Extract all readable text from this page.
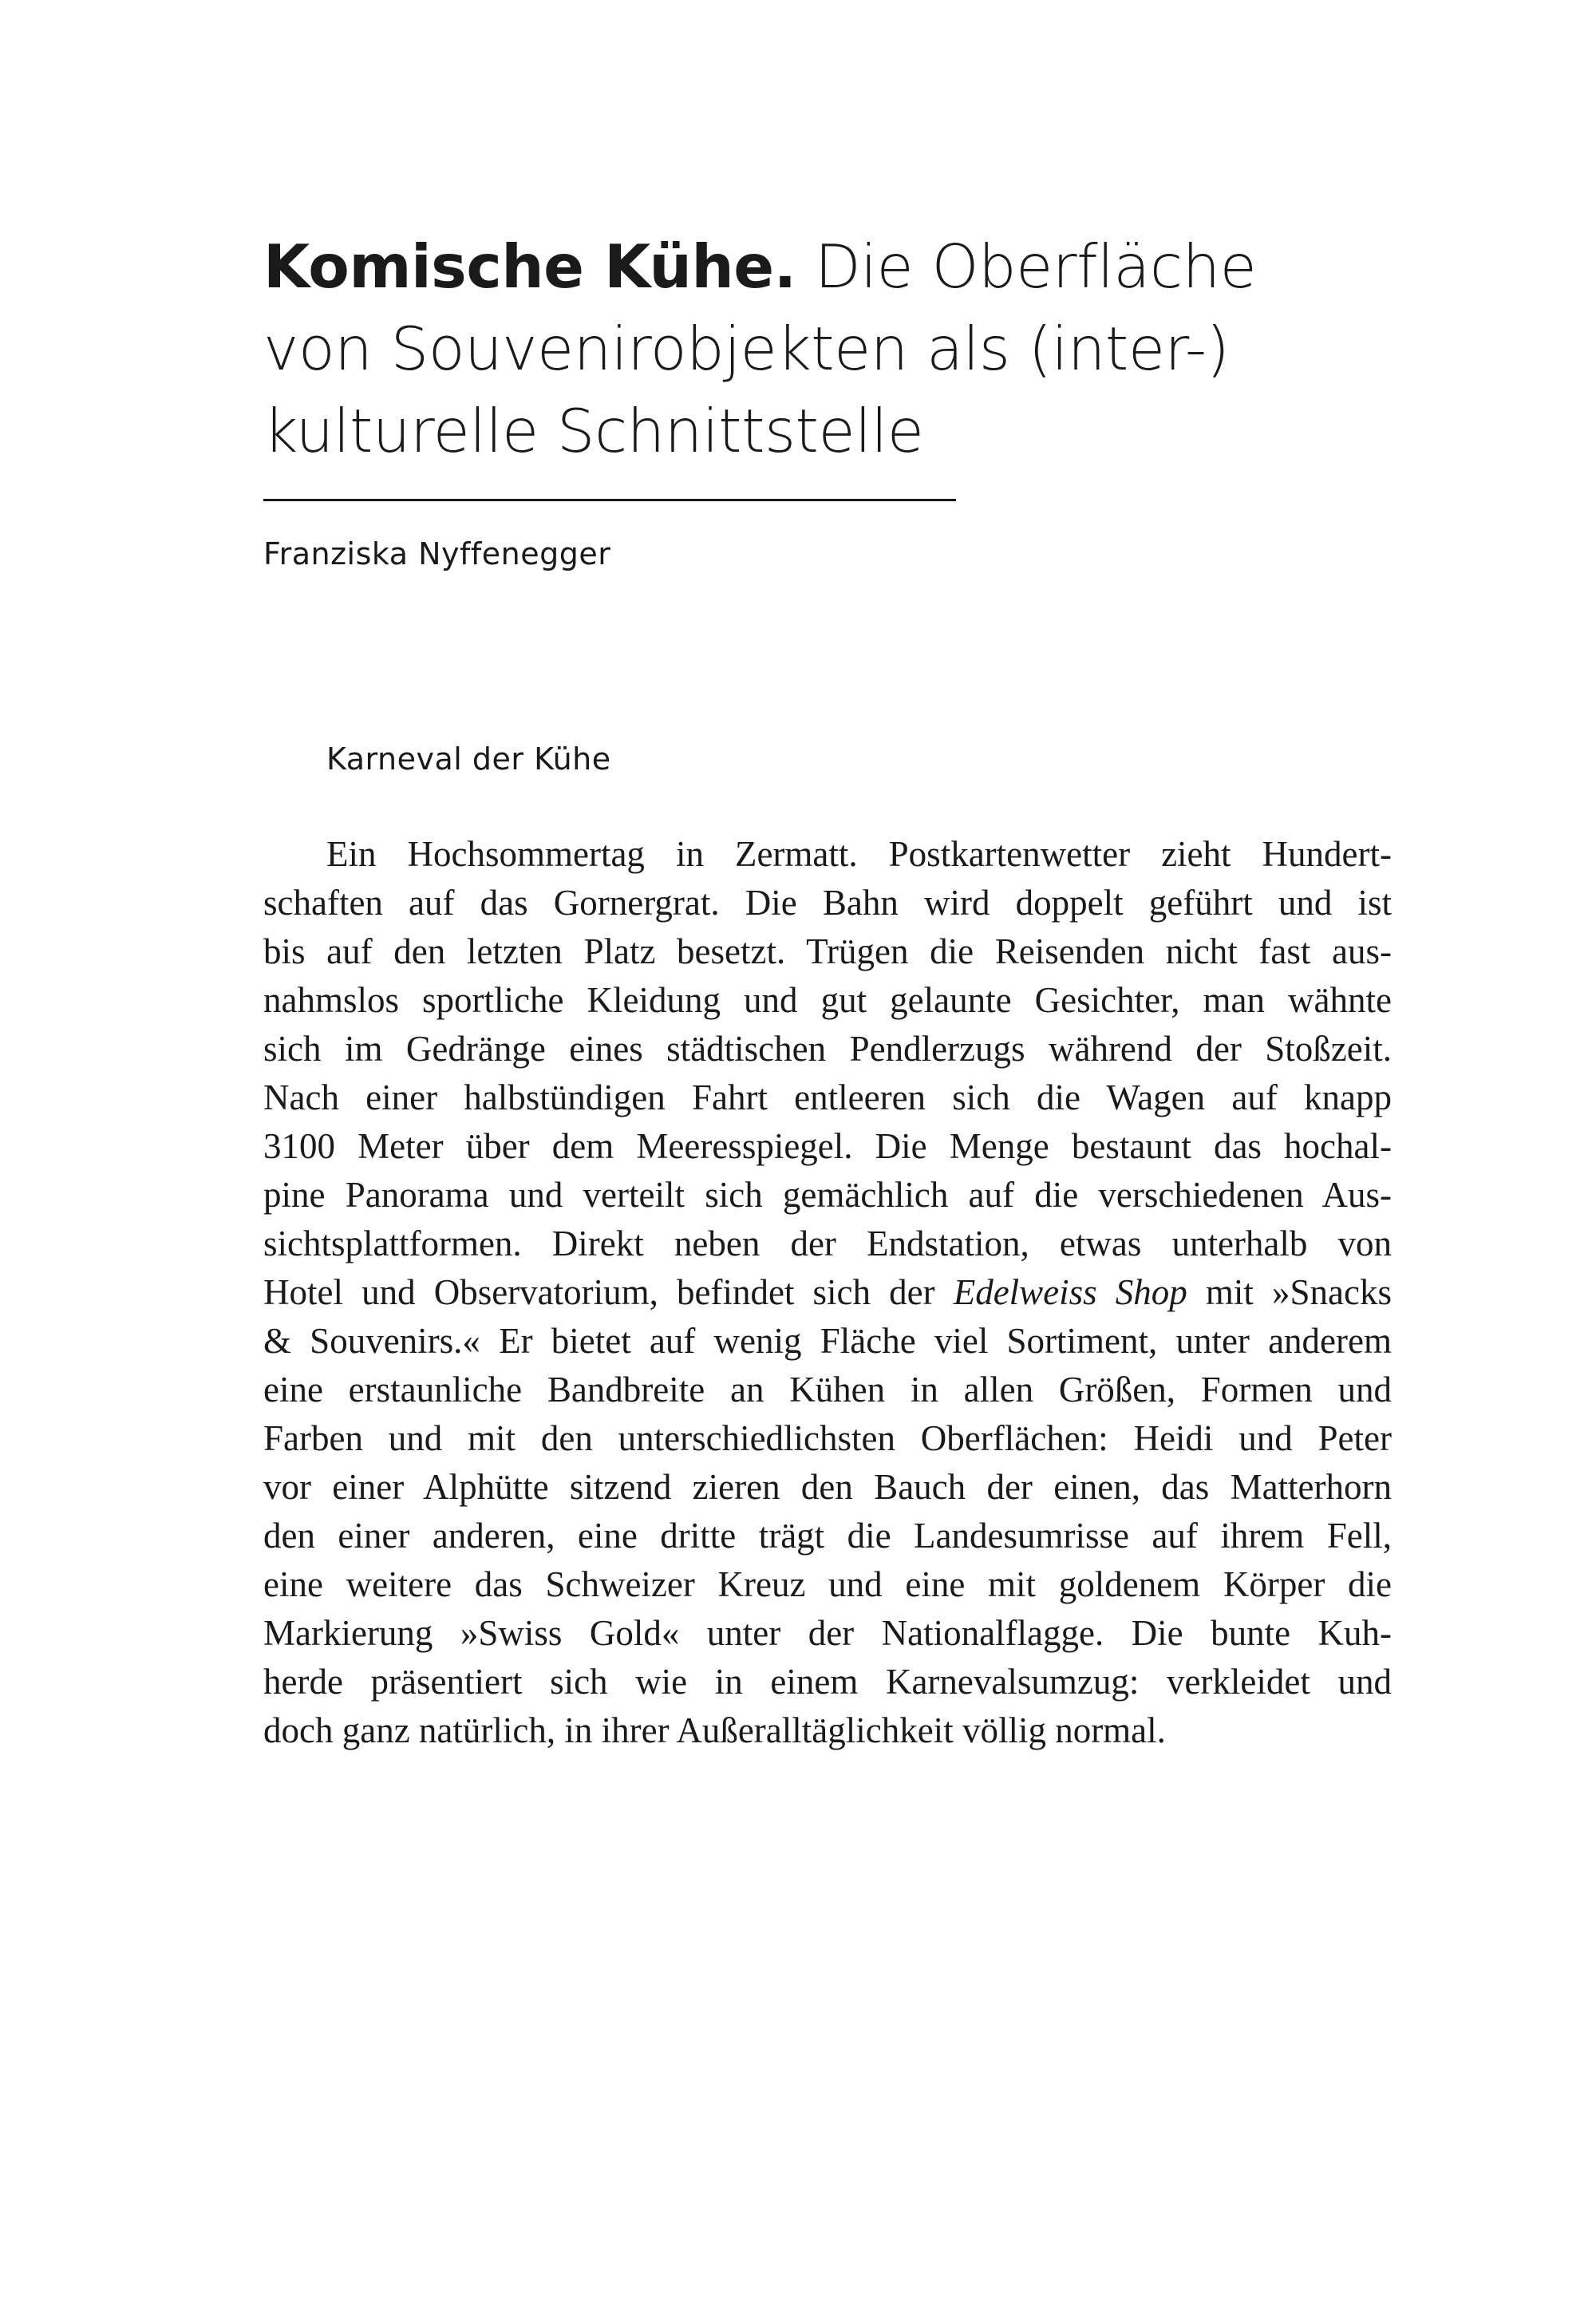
Komische Kühe. Die Oberfläche
von Souvenirobjekten als (inter-)
kulturelle Schnittstelle
Franziska Nyffenegger
Karneval der Kühe
Ein Hochsommertag in Zermatt. Postkartenwetter zieht Hundert-
schaften auf das Gornergrat. Die Bahn wird doppelt geführt und ist
bis auf den letzten Platz besetzt. Trügen die Reisenden nicht fast aus-
nahmslos sportliche Kleidung und gut gelaunte Gesichter, man wähnte
sich im Gedränge eines städtischen Pendlerzugs während der Stoßzeit.
Nach einer halbstündigen Fahrt entleeren sich die Wagen auf knapp
3100 Meter über dem Meeresspiegel. Die Menge bestaunt das hochal-
pine Panorama und verteilt sich gemächlich auf die verschiedenen Aus-
sichtsplattformen. Direkt neben der Endstation, etwas unterhalb von
Hotel und Observatorium, befindet sich der Edelweiss Shop mit »Snacks
& Souvenirs.« Er bietet auf wenig Fläche viel Sortiment, unter anderem
eine erstaunliche Bandbreite an Kühen in allen Größen, Formen und
Farben und mit den unterschiedlichsten Oberflächen: Heidi und Peter
vor einer Alphütte sitzend zieren den Bauch der einen, das Matterhorn
den einer anderen, eine dritte trägt die Landesumrisse auf ihrem Fell,
eine weitere das Schweizer Kreuz und eine mit goldenem Körper die
Markierung »Swiss Gold« unter der Nationalflagge. Die bunte Kuh-
herde präsentiert sich wie in einem Karnevalsumzug: verkleidet und
doch ganz natürlich, in ihrer Außeralltäglichkeit völlig normal.
